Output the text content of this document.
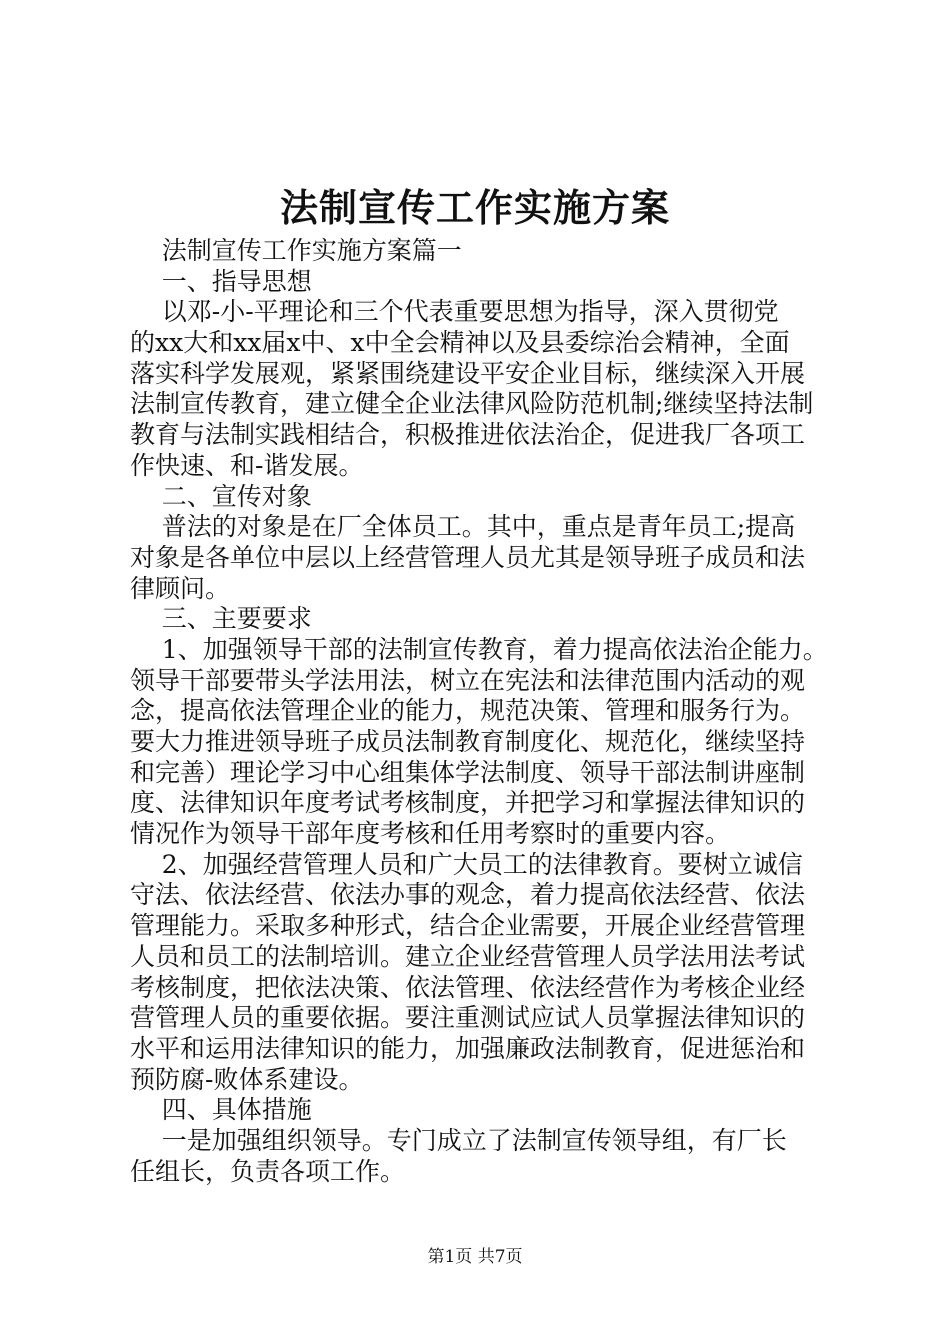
法制宣传工作实施方案
法制宣传工作实施方案篇一
一、指导思想
以邓-小-平理论和三个代表重要思想为指导，深入贯彻党
的xx大和xx届x中、x中全会精神以及县委综治会精神，全面
落实科学发展观，紧紧围绕建设平安企业目标，继续深入开展
法制宣传教育，建立健全企业法律风险防范机制;继续坚持法制
教育与法制实践相结合，积极推进依法治企，促进我厂各项工
作快速、和-谐发展。
二、宣传对象
普法的对象是在厂全体员工。其中，重点是青年员工;提高
对象是各单位中层以上经营管理人员尤其是领导班子成员和法
律顾问。
三、主要要求
1、加强领导干部的法制宣传教育，着力提高依法治企能力。
领导干部要带头学法用法，树立在宪法和法律范围内活动的观
念，提高依法管理企业的能力，规范决策、管理和服务行为。
要大力推进领导班子成员法制教育制度化、规范化，继续坚持
和完善）理论学习中心组集体学法制度、领导干部法制讲座制
度、法律知识年度考试考核制度，并把学习和掌握法律知识的
情况作为领导干部年度考核和任用考察时的重要内容。
2、加强经营管理人员和广大员工的法律教育。要树立诚信
守法、依法经营、依法办事的观念，着力提高依法经营、依法
管理能力。采取多种形式，结合企业需要，开展企业经营管理
人员和员工的法制培训。建立企业经营管理人员学法用法考试
考核制度，把依法决策、依法管理、依法经营作为考核企业经
营管理人员的重要依据。要注重测试应试人员掌握法律知识的
水平和运用法律知识的能力，加强廉政法制教育，促进惩治和
预防腐-败体系建设。
四、具体措施
一是加强组织领导。专门成立了法制宣传领导组，有厂长
任组长，负责各项工作。
第1页 共7页
